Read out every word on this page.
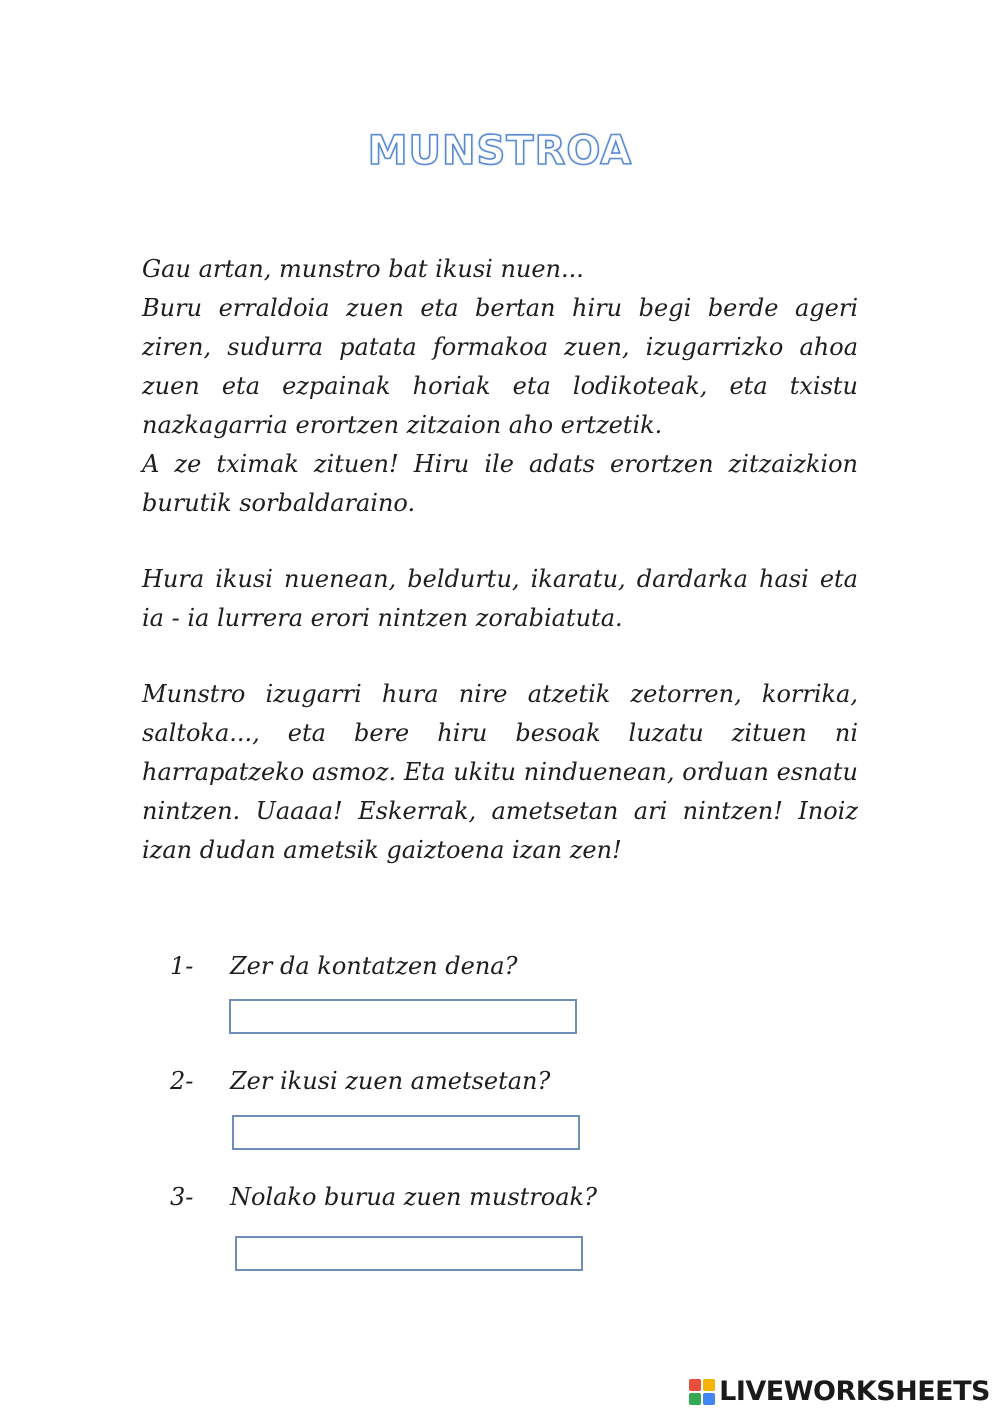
MUNSTROA

Gau artan, munstro bat ikusi nuen...

Buru erraldoia zuen eta bertan hiru begi berde ageri ziren, sudurra patata formakoa zuen, izugarrizko ahoa zuen eta ezpainak horiak eta lodikoteak, eta txistu nazkagarria erortzen zitzaion aho ertzetik.

A ze tximak zituen! Hiru ile adats erortzen zitzaizkion burutik sorbaldaraino.

Hura ikusi nuenean, beldurtu, ikaratu, dardarka hasi eta ia - ia lurrera erori nintzen zorabiatuta.

Munstro izugarri hura nire atzetik zetorren, korrika, saltoka..., eta bere hiru besoak luzatu zituen ni harrapatzeko asmoz. Eta ukitu ninduenean, orduan esnatu nintzen. Uaaaa! Eskerrak, ametsetan ari nintzen! Inoiz izan dudan ametsik gaiztoena izan zen!

1-	Zer da kontatzen dena?
2-	Zer ikusi zuen ametsetan?
3-	Nolako burua zuen mustroak?
LIVEWORKSHEETS
